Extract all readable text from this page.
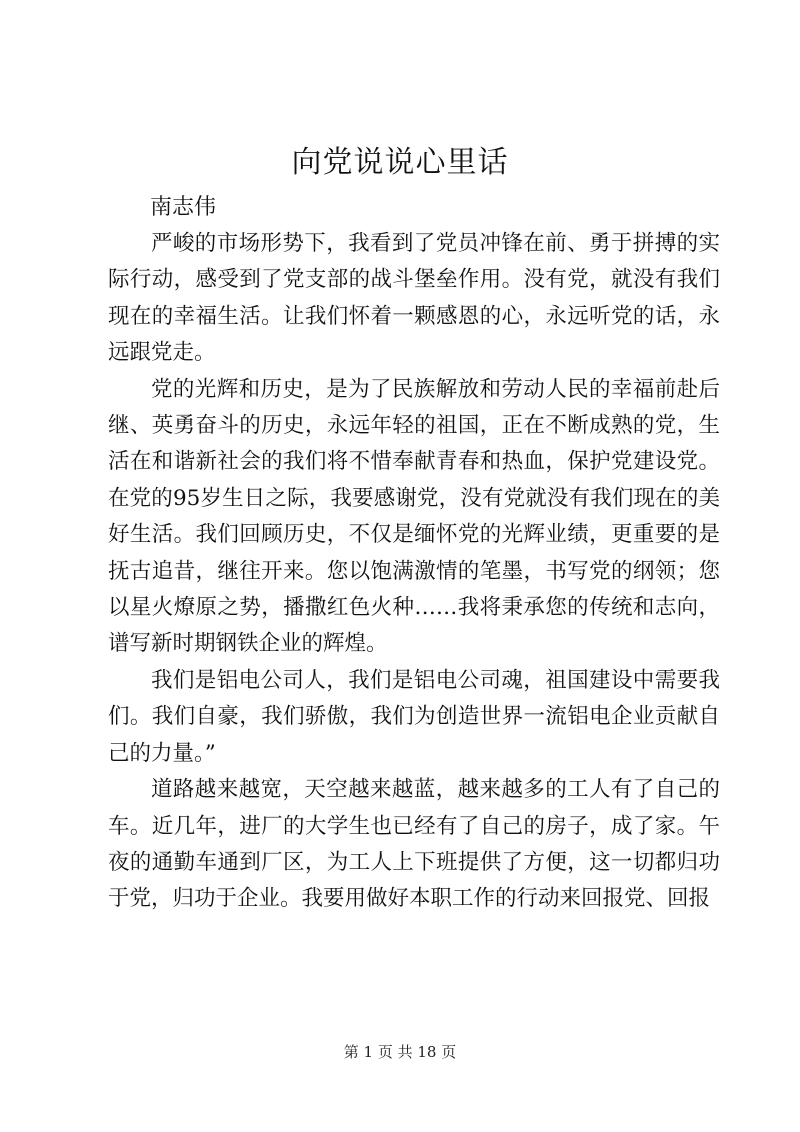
向党说说心里话

南志伟

严峻的市场形势下，我看到了党员冲锋在前、勇于拼搏的实际行动，感受到了党支部的战斗堡垒作用。没有党，就没有我们现在的幸福生活。让我们怀着一颗感恩的心，永远听党的话，永远跟党走。

党的光辉和历史，是为了民族解放和劳动人民的幸福前赴后继、英勇奋斗的历史，永远年轻的祖国，正在不断成熟的党，生活在和谐新社会的我们将不惜奉献青春和热血，保护党建设党。在党的95岁生日之际，我要感谢党，没有党就没有我们现在的美好生活。我们回顾历史，不仅是缅怀党的光辉业绩，更重要的是抚古追昔，继往开来。您以饱满激情的笔墨，书写党的纲领；您以星火燎原之势，播撒红色火种……我将秉承您的传统和志向，谱写新时期钢铁企业的辉煌。

我们是铝电公司人，我们是铝电公司魂，祖国建设中需要我们。我们自豪，我们骄傲，我们为创造世界一流铝电企业贡献自己的力量。”

道路越来越宽，天空越来越蓝，越来越多的工人有了自己的车。近几年，进厂的大学生也已经有了自己的房子，成了家。午夜的通勤车通到厂区，为工人上下班提供了方便，这一切都归功于党，归功于企业。我要用做好本职工作的行动来回报党、回报

第 1 页 共 18 页
